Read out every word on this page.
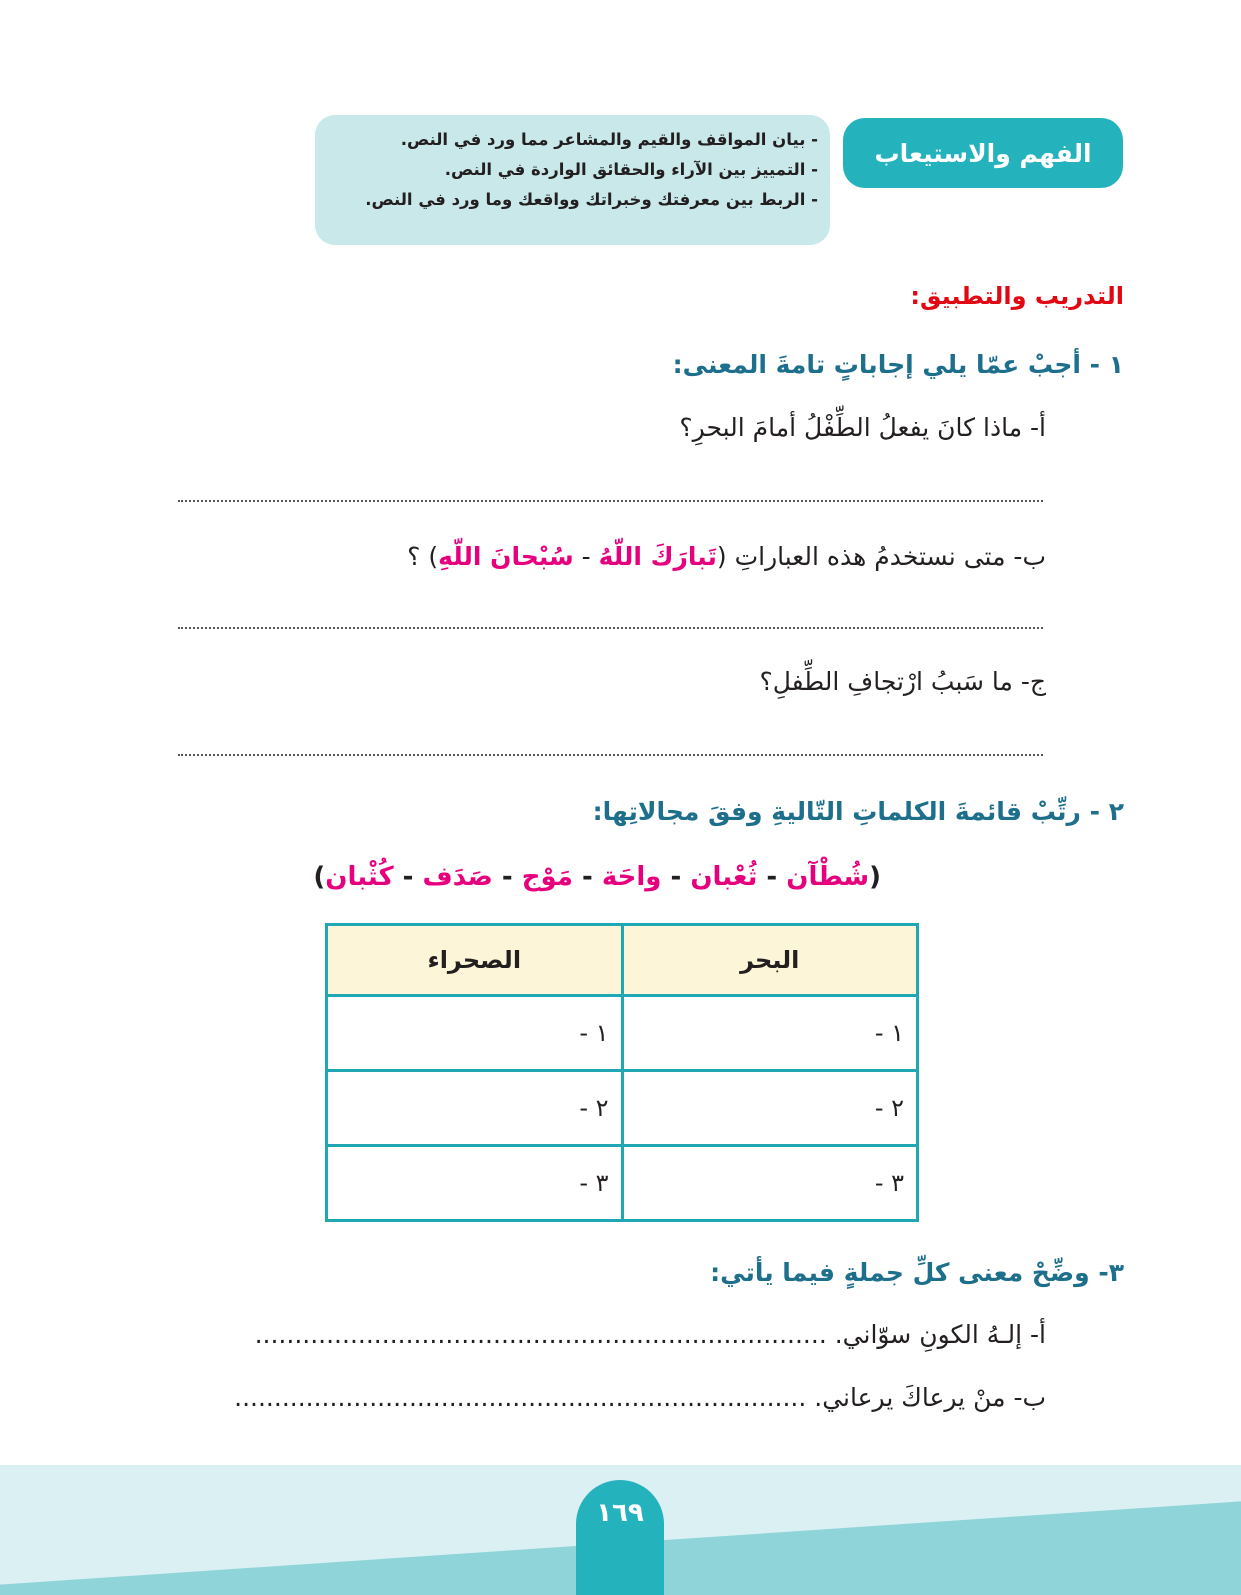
الفهم والاستيعاب
- بيان المواقف والقيم والمشاعر مما ورد في النص.
- التمييز بين الآراء والحقائق الواردة في النص.
- الربط بين معرفتك وخبراتك وواقعك وما ورد في النص.
التدريب والتطبيق:
١ - أجبْ عمّا يلي إجاباتٍ تامةَ المعنى:
أ- ماذا كانَ يفعلُ الطِّفْلُ أمامَ البحرِ؟
ب- متى نستخدمُ هذه العباراتِ (تَبارَكَ اللّهُ - سُبْحانَ اللّهِ) ؟
ج- ما سَببُ ارْتجافِ الطِّفلِ؟
٢ - رتِّبْ قائمةَ الكلماتِ التّاليةِ وفقَ مجالاتِها:
(شُطْآن - ثُعْبان - واحَة - مَوْج - صَدَف - كُثْبان)
البحر	الصحراء
١ -	١ -
٢ -	٢ -
٣ -	٣ -
٣- وضِّحْ معنى كلِّ جملةٍ فيما يأتي:
أ- إلـهُ الكونِ سوّاني. ........................................................................
ب- منْ يرعاكَ يرعاني. ........................................................................
١٦٩
